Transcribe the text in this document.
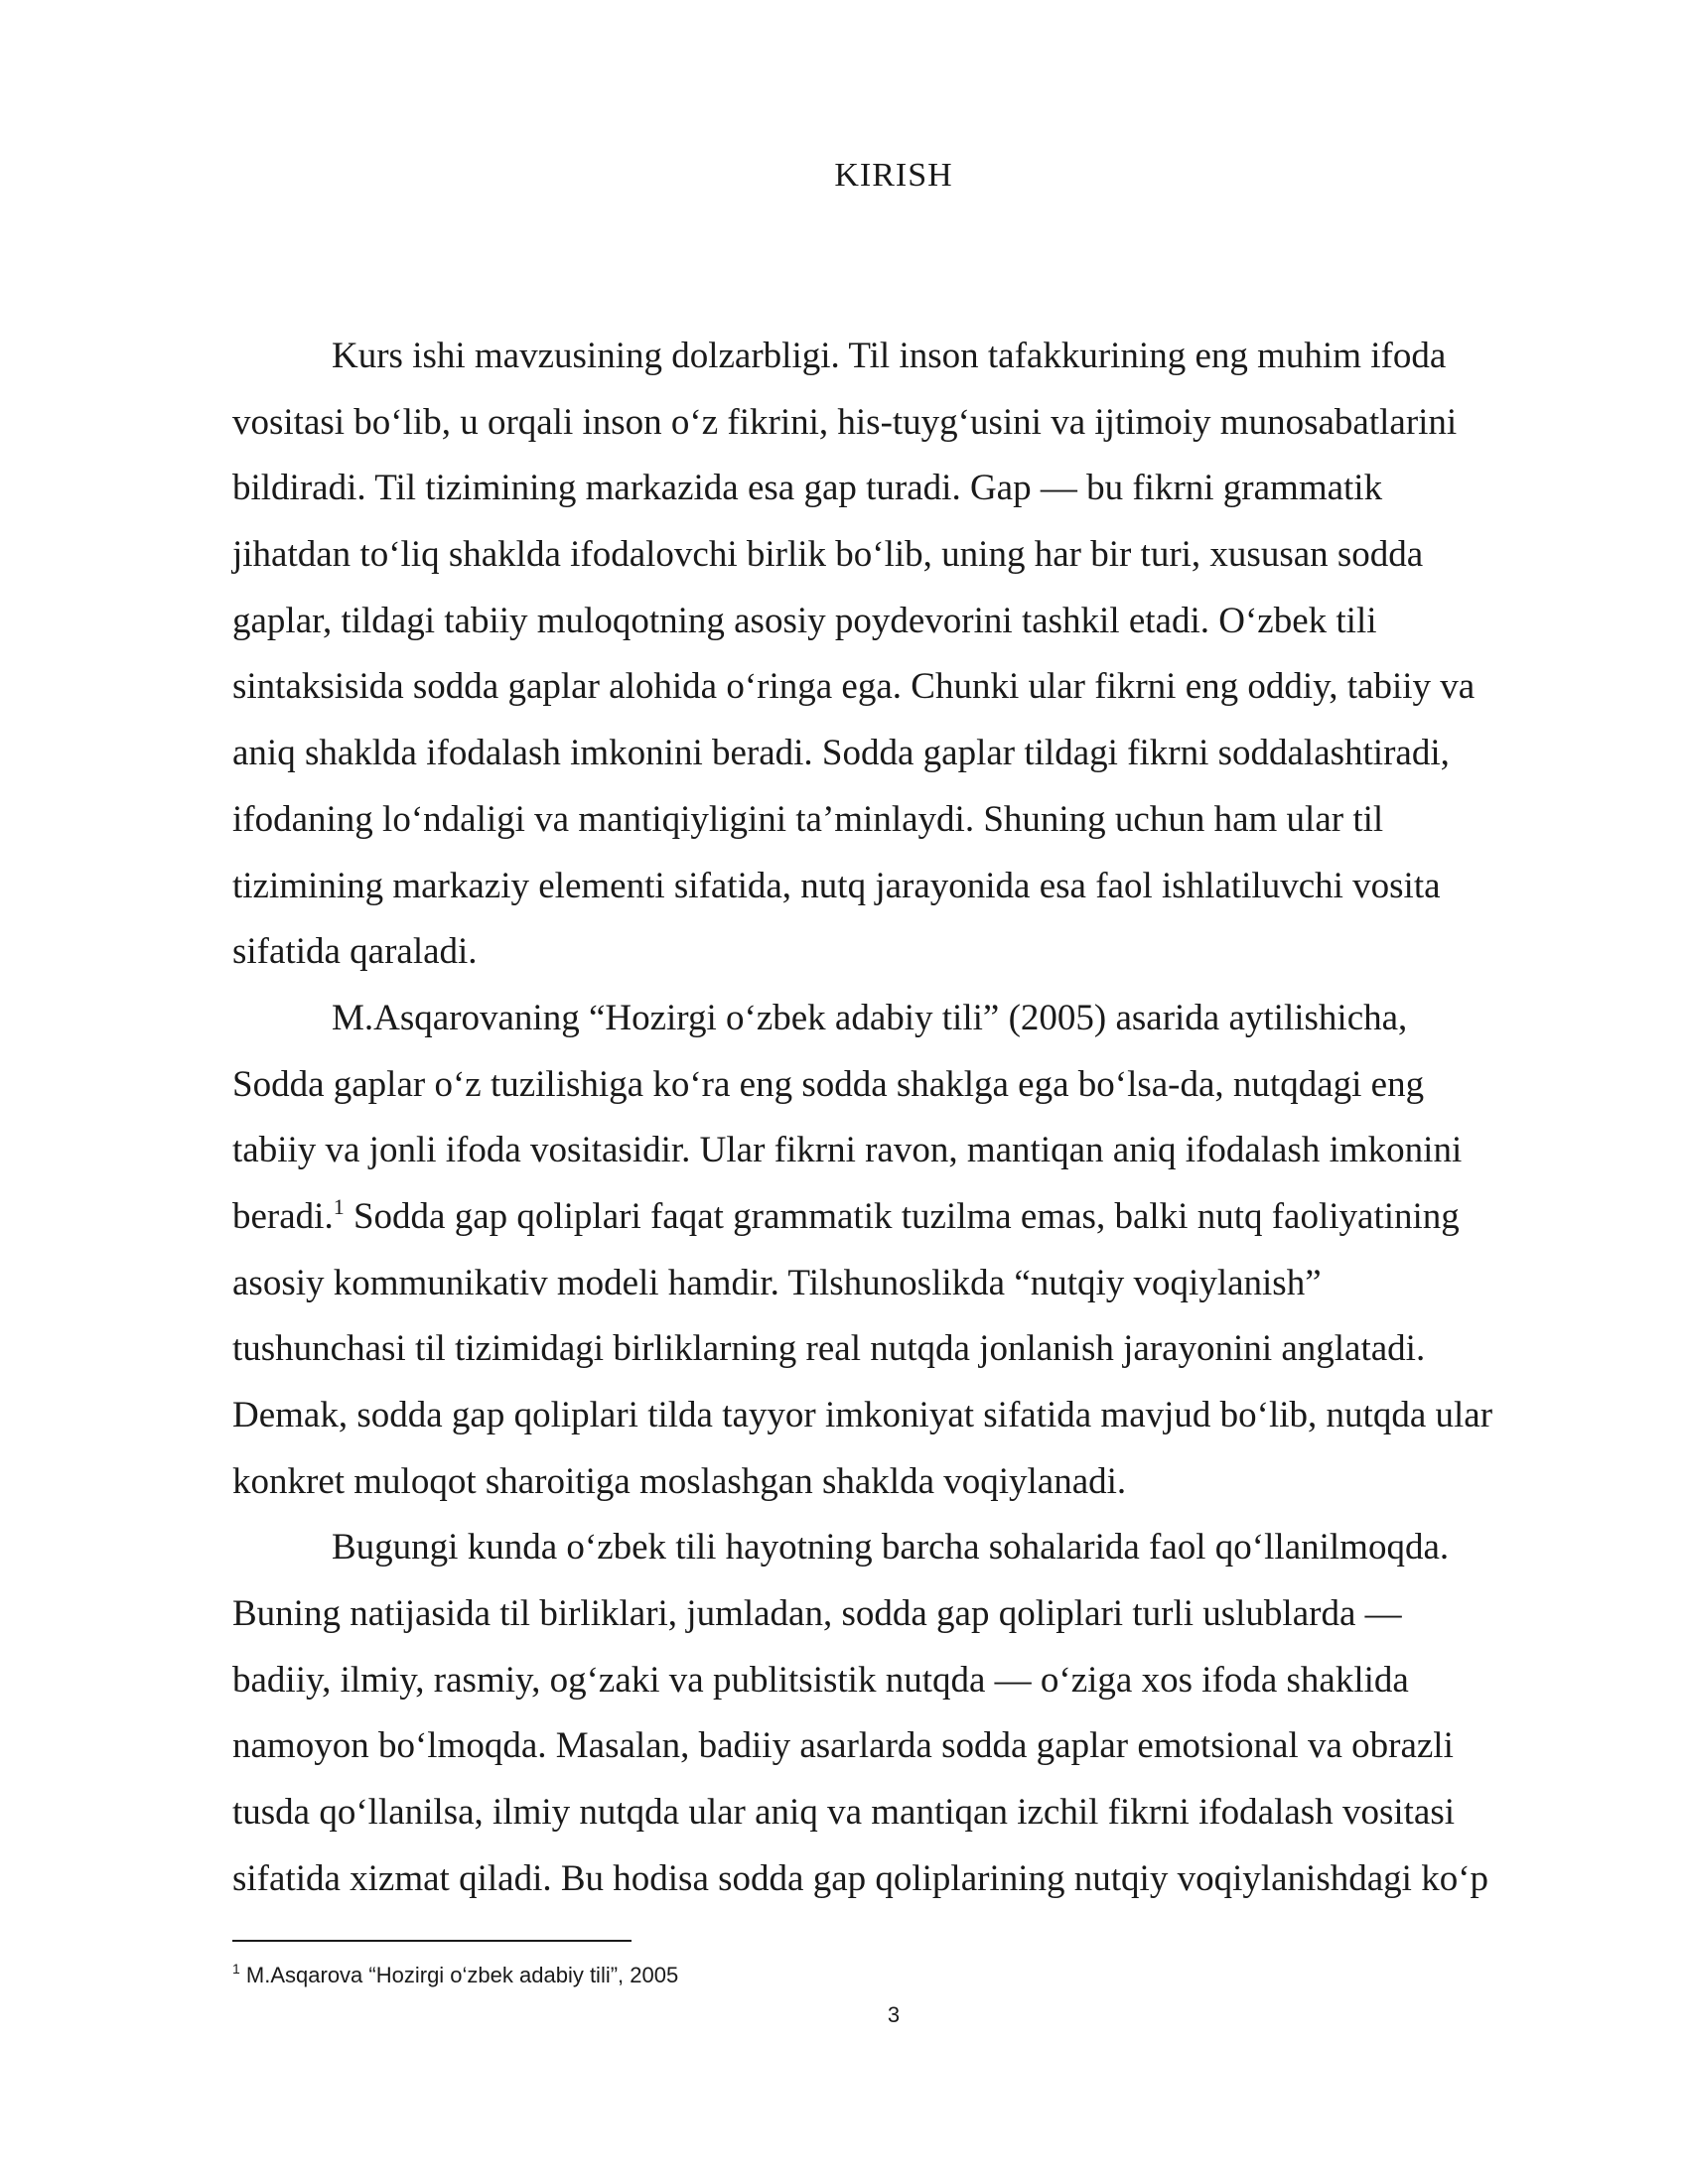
KIRISH
Kurs ishi mavzusining dolzarbligi. Til inson tafakkurining eng muhim ifoda
vositasi bo‘lib, u orqali inson o‘z fikrini, his-tuyg‘usini va ijtimoiy munosabatlarini
bildiradi. Til tizimining markazida esa gap turadi. Gap — bu fikrni grammatik
jihatdan to‘liq shaklda ifodalovchi birlik bo‘lib, uning har bir turi, xususan sodda
gaplar, tildagi tabiiy muloqotning asosiy poydevorini tashkil etadi. O‘zbek tili
sintaksisida sodda gaplar alohida o‘ringa ega. Chunki ular fikrni eng oddiy, tabiiy va
aniq shaklda ifodalash imkonini beradi. Sodda gaplar tildagi fikrni soddalashtiradi,
ifodaning lo‘ndaligi va mantiqiyligini ta’minlaydi. Shuning uchun ham ular til
tizimining markaziy elementi sifatida, nutq jarayonida esa faol ishlatiluvchi vosita
sifatida qaraladi.
M.Asqarovaning “Hozirgi o‘zbek adabiy tili” (2005) asarida aytilishicha,
Sodda gaplar o‘z tuzilishiga ko‘ra eng sodda shaklga ega bo‘lsa-da, nutqdagi eng
tabiiy va jonli ifoda vositasidir. Ular fikrni ravon, mantiqan aniq ifodalash imkonini
beradi.$^1$ Sodda gap qoliplari faqat grammatik tuzilma emas, balki nutq faoliyatining
asosiy kommunikativ modeli hamdir. Tilshunoslikda “nutqiy voqiylanish”
tushunchasi til tizimidagi birliklarning real nutqda jonlanish jarayonini anglatadi.
Demak, sodda gap qoliplari tilda tayyor imkoniyat sifatida mavjud bo‘lib, nutqda ular
konkret muloqot sharoitiga moslashgan shaklda voqiylanadi.
Bugungi kunda o‘zbek tili hayotning barcha sohalarida faol qo‘llanilmoqda.
Buning natijasida til birliklari, jumladan, sodda gap qoliplari turli uslublarda —
badiiy, ilmiy, rasmiy, og‘zaki va publitsistik nutqda — o‘ziga xos ifoda shaklida
namoyon bo‘lmoqda. Masalan, badiiy asarlarda sodda gaplar emotsional va obrazli
tusda qo‘llanilsa, ilmiy nutqda ular aniq va mantiqan izchil fikrni ifodalash vositasi
sifatida xizmat qiladi. Bu hodisa sodda gap qoliplarining nutqiy voqiylanishdagi ko‘p
$^1$ M.Asqarova “Hozirgi o‘zbek adabiy tili”, 2005
3
